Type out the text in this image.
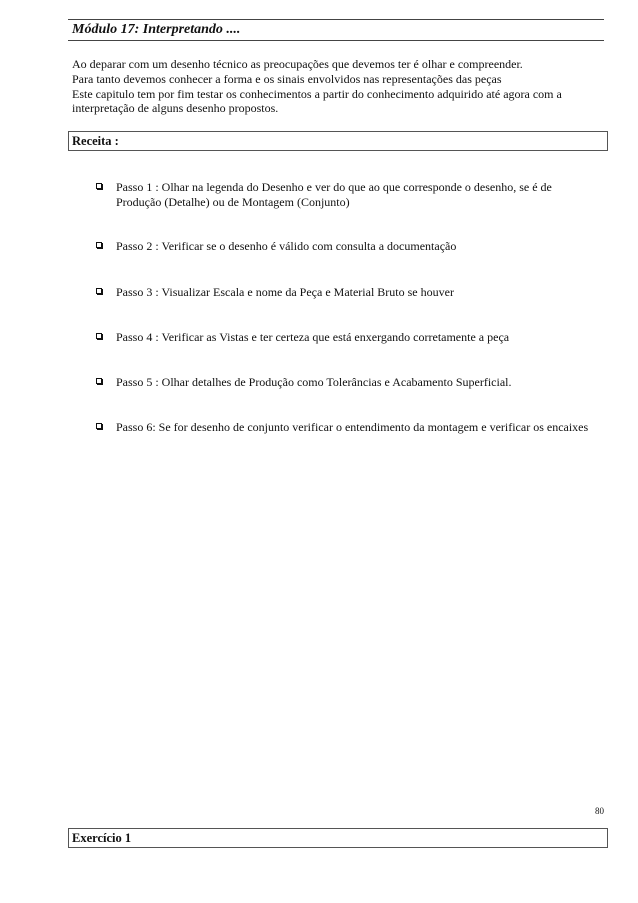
Módulo 17: Interpretando ....

Ao deparar com um desenho técnico as preocupações que devemos ter é olhar e compreender.

Para tanto devemos conhecer a forma e os sinais envolvidos nas representações das peças

Este capitulo tem por fim testar os conhecimentos a partir do conhecimento adquirido até agora com a

interpretação de alguns desenho propostos.

Receita :
Passo 1 : Olhar na legenda do Desenho e ver do que ao que corresponde o desenho, se é de Produção (Detalhe) ou de Montagem (Conjunto)
Passo 2 : Verificar se o desenho é válido com consulta a documentação
Passo 3 : Visualizar Escala e nome da Peça e Material Bruto se houver
Passo 4 : Verificar as Vistas e ter certeza que está enxergando corretamente a peça
Passo 5 : Olhar detalhes de Produção como Tolerâncias e Acabamento Superficial.
Passo 6: Se for desenho de conjunto verificar o entendimento da montagem e verificar os encaixes
80
Exercício 1
